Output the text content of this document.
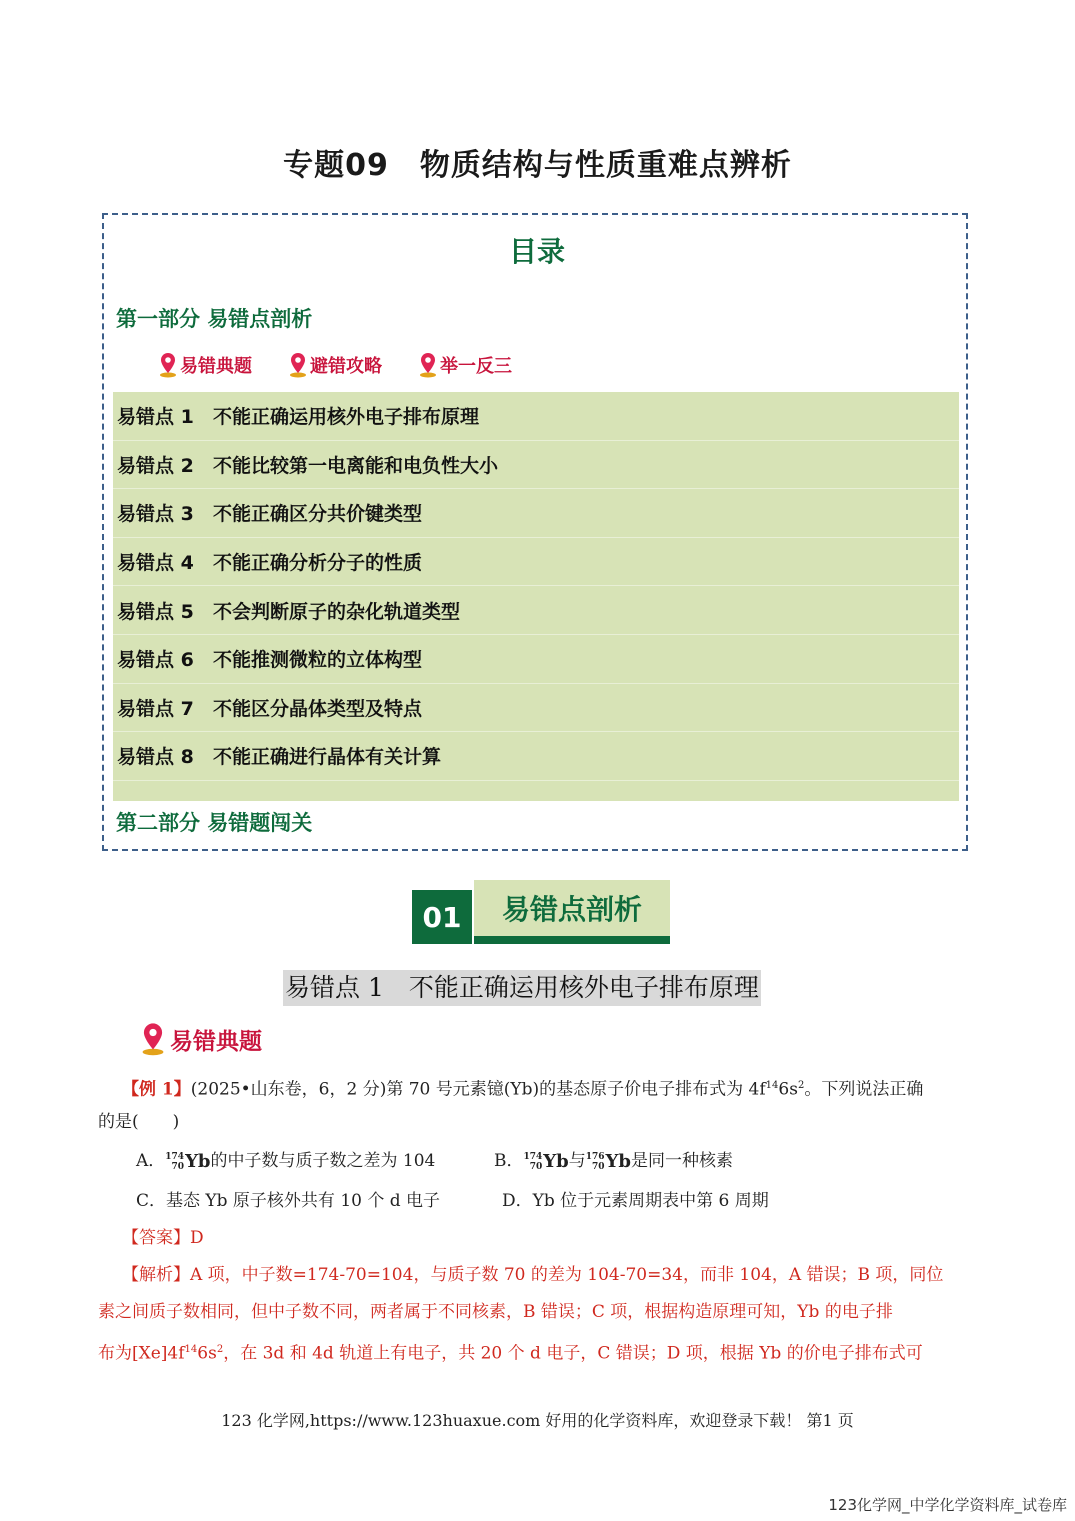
专题09　物质结构与性质重难点辨析
目录
第一部分 易错点剖析
易错典题	避错攻略	举一反三
易错点 1	不能正确运用核外电子排布原理
易错点 2	不能比较第一电离能和电负性大小
易错点 3	不能正确区分共价键类型
易错点 4	不能正确分析分子的性质
易错点 5	不会判断原子的杂化轨道类型
易错点 6	不能推测微粒的立体构型
易错点 7	不能区分晶体类型及特点
易错点 8	不能正确进行晶体有关计算
第二部分 易错题闯关
01	易错点剖析
易错点 1　不能正确运用核外电子排布原理
易错典题
【例 1】(2025•山东卷，6，2 分)第 70 号元素镱(Yb)的基态原子价电子排布式为 $4f^{14}6s^2$。下列说法正确
的是(　　)
A． 174
70 Yb 的中子数与质子数之差为 104	B． 174
70 Yb 与 176
70 Yb 是同一种核素
C．基态 Yb 原子核外共有 10 个 d 电子	D．Yb 位于元素周期表中第 6 周期
【答案】D
【解析】A 项，中子数=174-70=104，与质子数 70 的差为 104-70=34，而非 104，A 错误；B 项，同位
素之间质子数相同，但中子数不同，两者属于不同核素，B 错误；C 项，根据构造原理可知，Yb 的电子排
布为$[Xe]4f^{14}6s^2$，在 3d 和 4d 轨道上有电子，共 20 个 d 电子，C 错误；D 项，根据 Yb 的价电子排布式可
123 化学网,https://www.123huaxue.com 好用的化学资料库，欢迎登录下载！ 第1 页
123化学网_中学化学资料库_试卷库
